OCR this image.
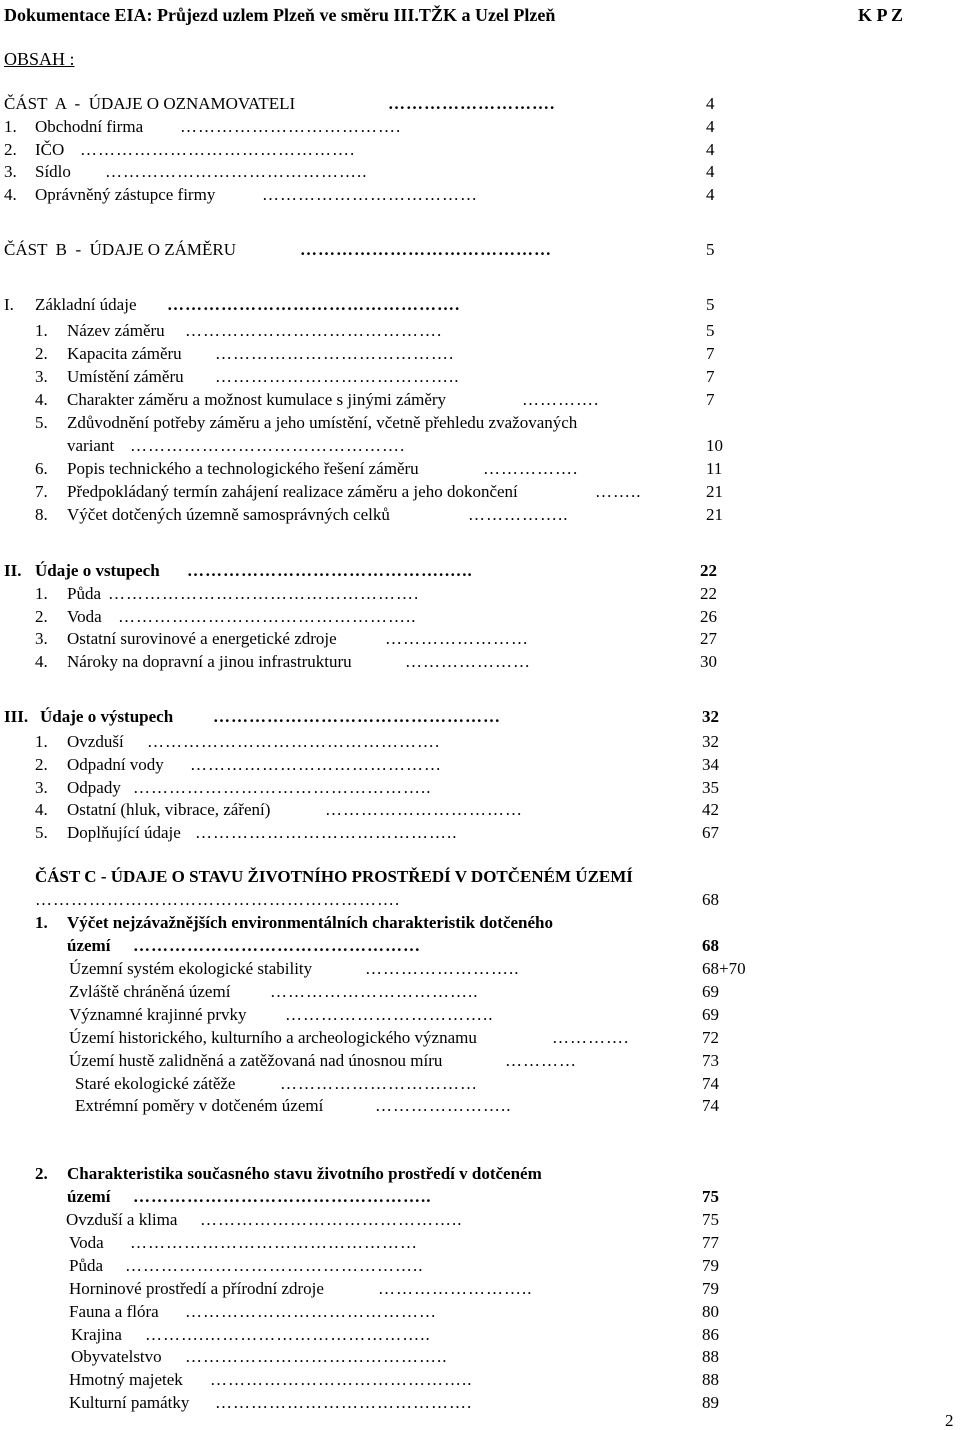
Dokumentace EIA: Průjezd uzlem Plzeň ve směru III.TŽK a Uzel Plzeň	K P Z
OBSAH :
ČÁST  A  -  ÚDAJE O OZNAMOVATELI	……………………….	4
1. Obchodní firma ……………………………….	4
2. IČO ……………………………………….	4
3. Sídlo ……………………………………..	4
4. Oprávněný zástupce firmy	………………………………	4
ČÁST  B  -  ÚDAJE O ZÁMĚRU	……………………………………	5
I. Základní údaje ………………………………………….	5
1. Název záměru …………………………………….	5
2. Kapacita záměru ………………………………….	7
3. Umístění záměru …………………………………..	7
4. Charakter záměru a možnost kumulace s jinými záměry	………….	7
5. Zdůvodnění potřeby záměru a jeho umístění, včetně přehledu zvažovaných
variant ……………………………………….	10
6. Popis technického a technologického řešení záměru	…………….	11
7. Předpokládaný termín zahájení realizace záměru a jeho dokončení	……..	21
8. Výčet dotčených územně samosprávných celků	……………..	21
II. Údaje o vstupech …………………………………….…..	22
1. Půda …………………………………………….	22
2. Voda …………………………………………..	26
3. Ostatní surovinové a energetické zdroje	……………………	27
4. Nároky na dopravní a jinou infrastrukturu	…………………	30
III. Údaje o výstupech …………………………………………	32
1. Ovzduší ………………………………………….	32
2. Odpadní vody ……………………………………	34
3. Odpady …………………………………………..	35
4. Ostatní (hluk, vibrace, záření)	……………………………	42
5. Doplňující údaje ……………………………………..	67
ČÁST C - ÚDAJE O STAVU ŽIVOTNÍHO PROSTŘEDÍ V DOTČENÉM ÚZEMÍ
…………………………………………………….	68
1. Výčet nejzávažnějších environmentálních charakteristik dotčeného
území …………………………………………	68
Územní systém ekologické stability	……………………..	68+70
Zvláště chráněná území ……………………………..	69
Významné krajinné prvky ……………………………..	69
Území historického, kulturního a archeologického významu	………….	72
Území hustě zalidněná a zatěžovaná nad únosnou míru	…………	73
Staré ekologické zátěže	……………………………	74
Extrémní poměry v dotčeném území	…………………..	74
2. Charakteristika současného stavu životního prostředí v dotčeném
území …………………………………………..	75
Ovzduší a klima ……………………………………..	75
Voda …………………………………………	77
Půda …………………………………………..	79
Horninové prostředí a přírodní zdroje	……………………..	79
Fauna a flóra ……………………………………	80
Krajina ……….………………………………..	86
Obyvatelstvo ……………………………………..	88
Hmotný majetek ……………………………………..	88
Kulturní památky …………………………………….	89
2
